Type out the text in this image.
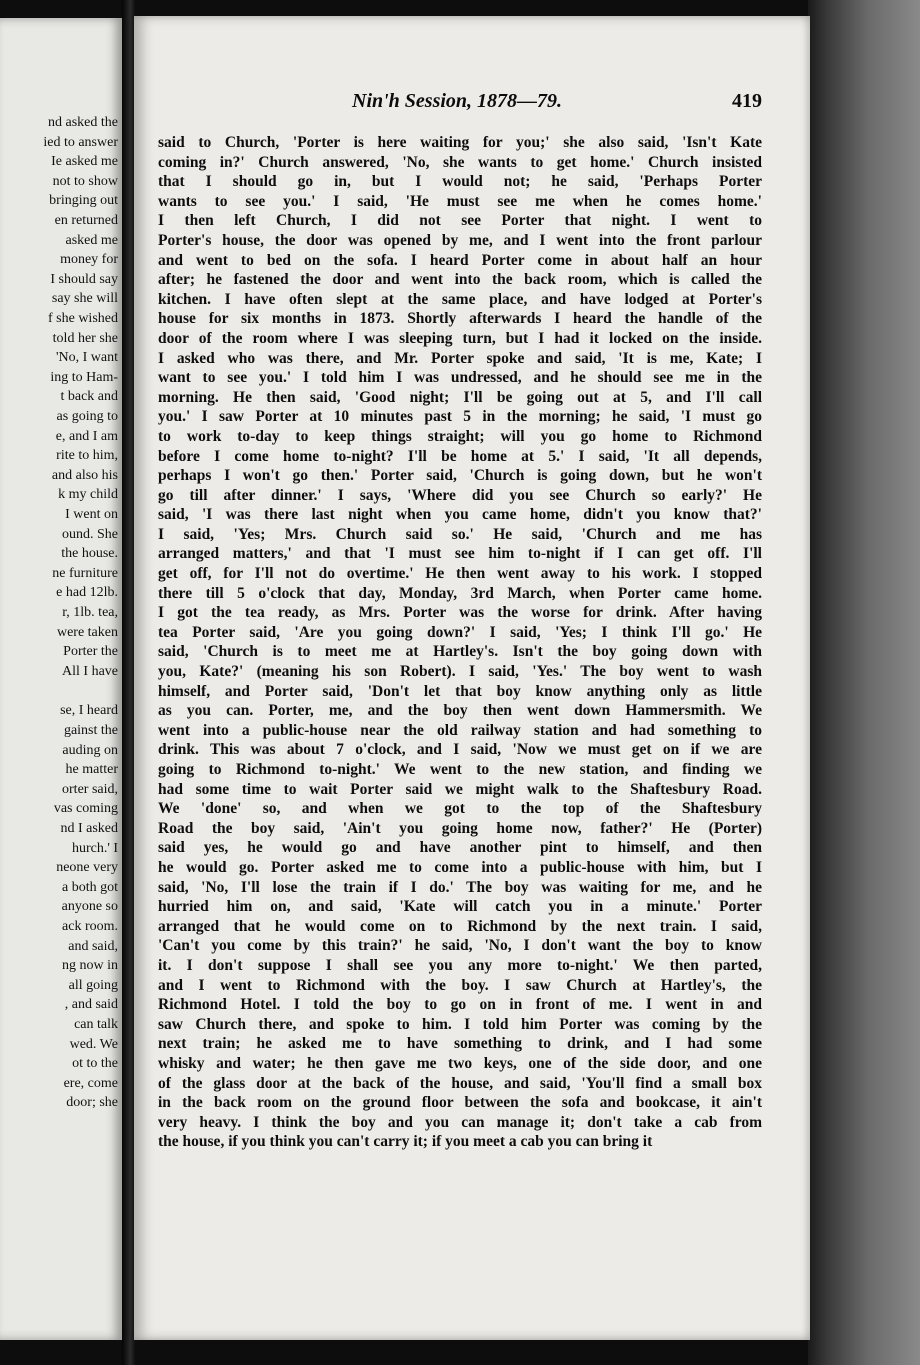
nd asked the
ied to answer
Ie asked me
not to show
bringing out
en returned
asked me
money for
I should say
say she will
f she wished
told her she
'No, I want
ing to Ham-
t back and
as going to
e, and I am
rite to him,
and also his
k my child
I went on
ound. She
the house.
ne furniture
e had 12lb.
r, 1lb. tea,
were taken
Porter the
All I have
se, I heard
gainst the
auding on
he matter
orter said,
vas coming
nd I asked
hurch.' I
neone very
a both got
anyone so
ack room.
and said,
ng now in
all going
, and said
can talk
wed. We
ot to the
ere, come
door; she
Nin'h Session, 1878—79.	419
said to Church, 'Porter is here waiting for you;' she also said, 'Isn't Kate
coming in?' Church answered, 'No, she wants to get home.' Church insisted
that I should go in, but I would not; he said, 'Perhaps Porter
wants to see you.' I said, 'He must see me when he comes home.'
I then left Church, I did not see Porter that night. I went to
Porter's house, the door was opened by me, and I went into the front parlour
and went to bed on the sofa. I heard Porter come in about half an hour
after; he fastened the door and went into the back room, which is called the
kitchen. I have often slept at the same place, and have lodged at Porter's
house for six months in 1873. Shortly afterwards I heard the handle of the
door of the room where I was sleeping turn, but I had it locked on the inside.
I asked who was there, and Mr. Porter spoke and said, 'It is me, Kate; I
want to see you.' I told him I was undressed, and he should see me in the
morning. He then said, 'Good night; I'll be going out at 5, and I'll call
you.' I saw Porter at 10 minutes past 5 in the morning; he said, 'I must go
to work to-day to keep things straight; will you go home to Richmond
before I come home to-night? I'll be home at 5.' I said, 'It all depends,
perhaps I won't go then.' Porter said, 'Church is going down, but he won't
go till after dinner.' I says, 'Where did you see Church so early?' He
said, 'I was there last night when you came home, didn't you know that?'
I said, 'Yes; Mrs. Church said so.' He said, 'Church and me has
arranged matters,' and that 'I must see him to-night if I can get off. I'll
get off, for I'll not do overtime.' He then went away to his work. I stopped
there till 5 o'clock that day, Monday, 3rd March, when Porter came home.
I got the tea ready, as Mrs. Porter was the worse for drink. After having
tea Porter said, 'Are you going down?' I said, 'Yes; I think I'll go.' He
said, 'Church is to meet me at Hartley's. Isn't the boy going down with
you, Kate?' (meaning his son Robert). I said, 'Yes.' The boy went to wash
himself, and Porter said, 'Don't let that boy know anything only as little
as you can. Porter, me, and the boy then went down Hammersmith. We
went into a public-house near the old railway station and had something to
drink. This was about 7 o'clock, and I said, 'Now we must get on if we are
going to Richmond to-night.' We went to the new station, and finding we
had some time to wait Porter said we might walk to the Shaftesbury Road.
We 'done' so, and when we got to the top of the Shaftesbury
Road the boy said, 'Ain't you going home now, father?' He (Porter)
said yes, he would go and have another pint to himself, and then
he would go. Porter asked me to come into a public-house with him, but I
said, 'No, I'll lose the train if I do.' The boy was waiting for me, and he
hurried him on, and said, 'Kate will catch you in a minute.' Porter
arranged that he would come on to Richmond by the next train. I said,
'Can't you come by this train?' he said, 'No, I don't want the boy to know
it. I don't suppose I shall see you any more to-night.' We then parted,
and I went to Richmond with the boy. I saw Church at Hartley's, the
Richmond Hotel. I told the boy to go on in front of me. I went in and
saw Church there, and spoke to him. I told him Porter was coming by the
next train; he asked me to have something to drink, and I had some
whisky and water; he then gave me two keys, one of the side door, and one
of the glass door at the back of the house, and said, 'You'll find a small box
in the back room on the ground floor between the sofa and bookcase, it ain't
very heavy. I think the boy and you can manage it; don't take a cab from
the house, if you think you can't carry it; if you meet a cab you can bring it
